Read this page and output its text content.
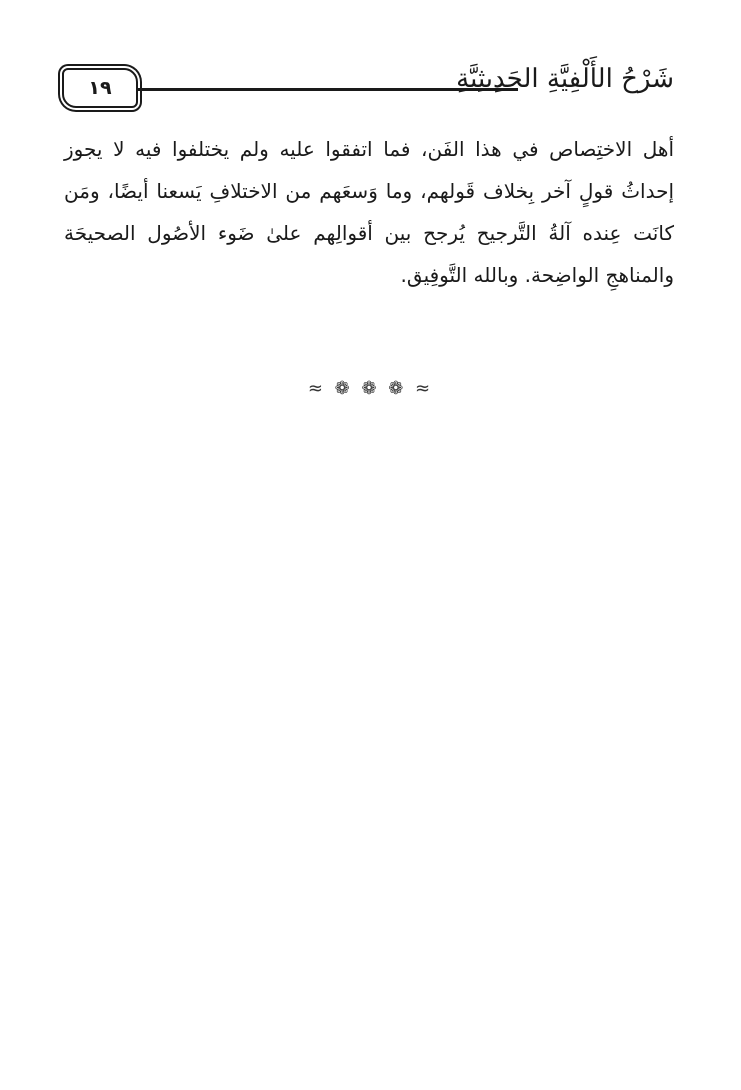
١٩	شَرْحُ الأَلْفِيَّةِ الحَدِيثِيَّةِ

أهل الاختِصاص في هذا الفَن، فما اتفقوا عليه ولم يختلفوا فيه لا يجوز إحداثُ قولٍ آخر بِخلاف قَولهم، وما وَسعَهم من الاختلافِ يَسعنا أيضًا، ومَن كانَت عِنده آلةُ التَّرجيح يُرجح بين أقوالِهم علىٰ ضَوء الأصُول الصحيحَة والمناهجِ الواضِحة. وبالله التَّوفِيق.

≈ ❁ ❁ ❁ ≈
